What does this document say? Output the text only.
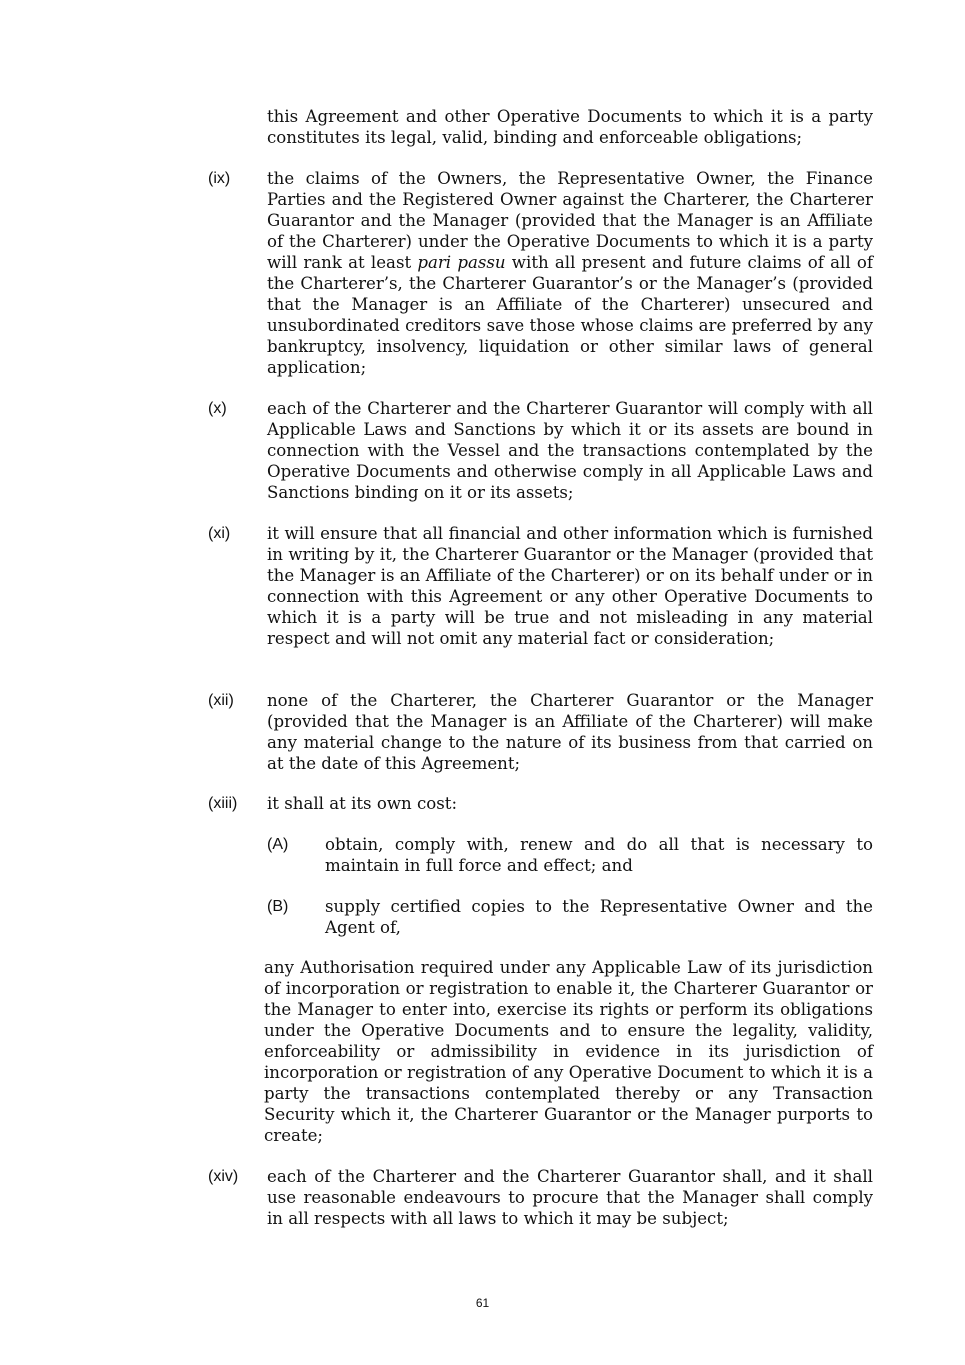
this Agreement and other Operative Documents to which it is a party constitutes its legal, valid, binding and enforceable obligations;
(ix) the claims of the Owners, the Representative Owner, the Finance Parties and the Registered Owner against the Charterer, the Charterer Guarantor and the Manager (provided that the Manager is an Affiliate of the Charterer) under the Operative Documents to which it is a party will rank at least pari passu with all present and future claims of all of the Charterer’s, the Charterer Guarantor’s or the Manager’s (provided that the Manager is an Affiliate of the Charterer) unsecured and unsubordinated creditors save those whose claims are preferred by any bankruptcy, insolvency, liquidation or other similar laws of general application;
(x) each of the Charterer and the Charterer Guarantor will comply with all Applicable Laws and Sanctions by which it or its assets are bound in connection with the Vessel and the transactions contemplated by the Operative Documents and otherwise comply in all Applicable Laws and Sanctions binding on it or its assets;
(xi) it will ensure that all financial and other information which is furnished in writing by it, the Charterer Guarantor or the Manager (provided that the Manager is an Affiliate of the Charterer) or on its behalf under or in connection with this Agreement or any other Operative Documents to which it is a party will be true and not misleading in any material respect and will not omit any material fact or consideration;
(xii) none of the Charterer, the Charterer Guarantor or the Manager (provided that the Manager is an Affiliate of the Charterer) will make any material change to the nature of its business from that carried on at the date of this Agreement;
(xiii) it shall at its own cost:
(A) obtain, comply with, renew and do all that is necessary to maintain in full force and effect; and
(B) supply certified copies to the Representative Owner and the Agent of,
any Authorisation required under any Applicable Law of its jurisdiction of incorporation or registration to enable it, the Charterer Guarantor or the Manager to enter into, exercise its rights or perform its obligations under the Operative Documents and to ensure the legality, validity, enforceability or admissibility in evidence in its jurisdiction of incorporation or registration of any Operative Document to which it is a party the transactions contemplated thereby or any Transaction Security which it, the Charterer Guarantor or the Manager purports to create;
(xiv) each of the Charterer and the Charterer Guarantor shall, and it shall use reasonable endeavours to procure that the Manager shall comply in all respects with all laws to which it may be subject;
61
